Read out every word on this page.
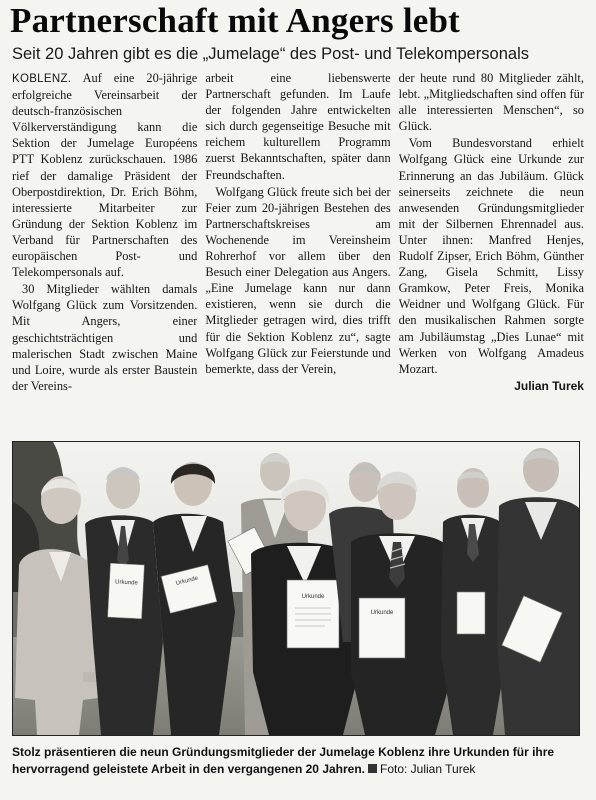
Partnerschaft mit Angers lebt
Seit 20 Jahren gibt es die „Jumelage“ des Post- und Telekompersonals

KOBLENZ. Auf eine 20-jährige erfolgreiche Vereinsarbeit der deutsch-französischen Völkerverständigung kann die Sektion der Jumelage Européens PTT Koblenz zurückschauen. 1986 rief der damalige Präsident der Oberpostdirektion, Dr. Erich Böhm, interessierte Mitarbeiter zur Gründung der Sektion Koblenz im Verband für Partnerschaften des europäischen Post- und Telekompersonals auf.

30 Mitglieder wählten damals Wolfgang Glück zum Vorsitzenden. Mit Angers, einer geschichtsträchtigen und malerischen Stadt zwischen Maine und Loire, wurde als erster Baustein der Vereins-

arbeit eine liebenswerte Partnerschaft gefunden. Im Laufe der folgenden Jahre entwickelten sich durch gegenseitige Besuche mit reichem kulturellem Programm zuerst Bekanntschaften, später dann Freundschaften.

Wolfgang Glück freute sich bei der Feier zum 20-jährigen Bestehen des Partnerschaftskreises am Wochenende im Vereinsheim Rohrerhof vor allem über den Besuch einer Delegation aus Angers. „Eine Jumelage kann nur dann existieren, wenn sie durch die Mitglieder getragen wird, dies trifft für die Sektion Koblenz zu“, sagte Wolfgang Glück zur Feierstunde und bemerkte, dass der Verein,

der heute rund 80 Mitglieder zählt, lebt. „Mitgliedschaften sind offen für alle interessierten Menschen“, so Glück.

Vom Bundesvorstand erhielt Wolfgang Glück eine Urkunde zur Erinnerung an das Jubiläum. Glück seinerseits zeichnete die neun anwesenden Gründungsmitglieder mit der Silbernen Ehrennadel aus. Unter ihnen: Manfred Henjes, Rudolf Zipser, Erich Böhm, Günther Zang, Gisela Schmitt, Lissy Gramkow, Peter Freis, Monika Weidner und Wolfgang Glück. Für den musikalischen Rahmen sorgte am Jubiläumstag „Dies Lunae“ mit Werken von Wolfgang Amadeus Mozart.

Julian Turek
Urkunde	Urkunde
Urkunde
Urkunde
Stolz präsentieren die neun Gründungsmitglieder der Jumelage Koblenz ihre Urkunden für ihre hervorragend geleistete Arbeit in den vergangenen 20 Jahren. Foto: Julian Turek
